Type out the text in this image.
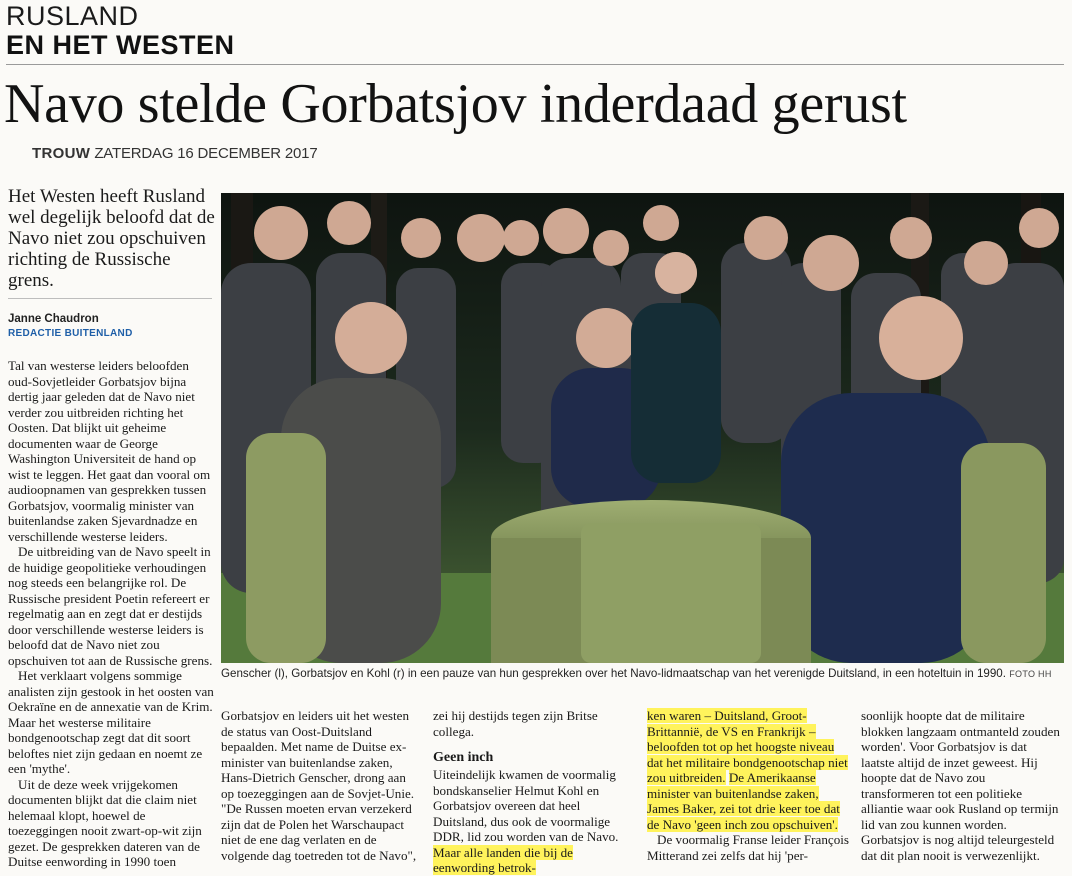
RUSLAND
EN HET WESTEN
Navo stelde Gorbatsjov inderdaad gerust
TROUW ZATERDAG 16 DECEMBER 2017
Het Westen heeft Rusland wel degelijk beloofd dat de Navo niet zou opschuiven richting de Russische grens.
Janne Chaudron
REDACTIE BUITENLAND

Tal van westerse leiders beloofden oud-Sovjetleider Gorbatsjov bijna dertig jaar geleden dat de Navo niet verder zou uitbreiden richting het Oosten. Dat blijkt uit geheime documenten waar de George Washington Universiteit de hand op wist te leggen. Het gaat dan vooral om audioopnamen van gesprekken tussen Gorbatsjov, voormalig minister van buitenlandse zaken Sjevardnadze en verschillende westerse leiders.

De uitbreiding van de Navo speelt in de huidige geopolitieke verhoudingen nog steeds een belangrijke rol. De Russische president Poetin refereert er regelmatig aan en zegt dat er destijds door verschillende westerse leiders is beloofd dat de Navo niet zou opschuiven tot aan de Russische grens.

Het verklaart volgens sommige analisten zijn gestook in het oosten van Oekraïne en de annexatie van de Krim. Maar het westerse militaire bondgenootschap zegt dat dit soort beloftes niet zijn gedaan en noemt ze een 'mythe'.

Uit de deze week vrijgekomen documenten blijkt dat die claim niet helemaal klopt, hoewel de toezeggingen nooit zwart-op-wit zijn gezet. De gesprekken dateren van de Duitse eenwording in 1990 toen

Genscher (l), Gorbatsjov en Kohl (r) in een pauze van hun gesprekken over het Navo-lidmaatschap van het verenigde Duitsland, in een hoteltuin in 1990. FOTO HH

Gorbatsjov en leiders uit het westen de status van Oost-Duitsland bepaalden. Met name de Duitse ex-minister van buitenlandse zaken, Hans-Dietrich Genscher, drong aan op toezeggingen aan de Sovjet-Unie. "De Russen moeten ervan verzekerd zijn dat de Polen het Warschaupact niet de ene dag verlaten en de volgende dag toetreden tot de Navo",

zei hij destijds tegen zijn Britse collega.

Geen inch

Uiteindelijk kwamen de voormalig bondskanselier Helmut Kohl en Gorbatsjov overeen dat heel Duitsland, dus ook de voormalige DDR, lid zou worden van de Navo. Maar alle landen die bij de eenwording betrok-

ken waren – Duitsland, Groot-Brittannië, de VS en Frankrijk – beloofden tot op het hoogste niveau dat het militaire bondgenootschap niet zou uitbreiden. De Amerikaanse minister van buitenlandse zaken, James Baker, zei tot drie keer toe dat de Navo 'geen inch zou opschuiven'.

De voormalig Franse leider François Mitterand zei zelfs dat hij 'per-

soonlijk hoopte dat de militaire blokken langzaam ontmanteld zouden worden'. Voor Gorbatsjov is dat laatste altijd de inzet geweest. Hij hoopte dat de Navo zou transformeren tot een politieke alliantie waar ook Rusland op termijn lid van zou kunnen worden. Gorbatsjov is nog altijd teleurgesteld dat dit plan nooit is verwezenlijkt.
